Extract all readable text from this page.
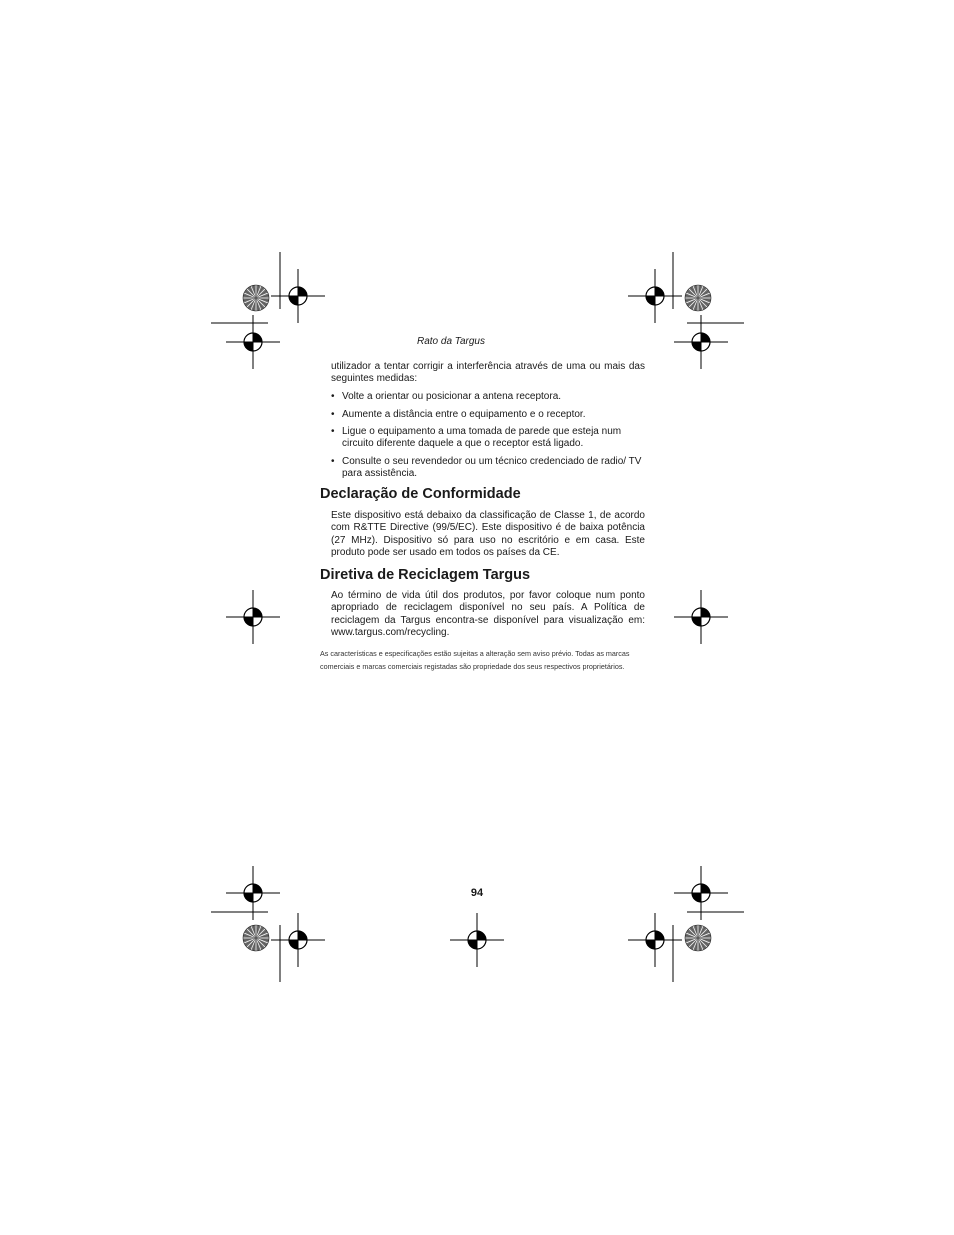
Rato da Targus

utilizador a tentar corrigir a interferência através de uma ou mais das seguintes medidas:

• Volte a orientar ou posicionar a antena receptora.
• Aumente a distância entre o equipamento e o receptor.
• Ligue o equipamento a uma tomada de parede que esteja num circuito diferente daquele a que o receptor está ligado.
• Consulte o seu revendedor ou um técnico credenciado de radio/ TV para assistência.
Declaração de Conformidade

Este dispositivo está debaixo da classificação de Classe 1, de acordo com R&TTE Directive (99/5/EC). Este dispositivo é de baixa potência (27 MHz). Dispositivo só para uso no escritório e em casa. Este produto pode ser usado em todos os países da CE.

Diretiva de Reciclagem Targus

Ao término de vida útil dos produtos, por favor coloque num ponto apropriado de reciclagem disponível no seu país. A Política de reciclagem da Targus encontra-se disponível para visualização em: www.targus.com/recycling.

As características e especificações estão sujeitas a alteração sem aviso prévio. Todas as marcas comerciais e marcas comerciais registadas são propriedade dos seus respectivos proprietários.

94
